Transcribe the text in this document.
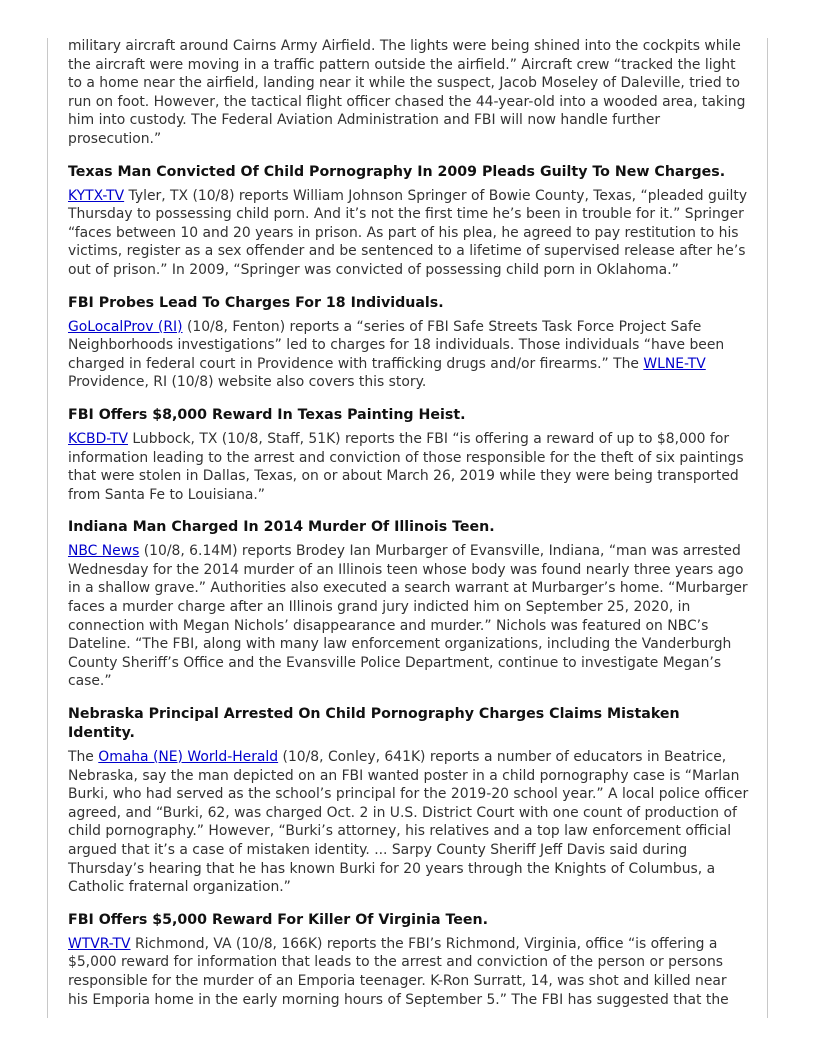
military aircraft around Cairns Army Airfield. The lights were being shined into the cockpits while the aircraft were moving in a traffic pattern outside the airfield.” Aircraft crew “tracked the light to a home near the airfield, landing near it while the suspect, Jacob Moseley of Daleville, tried to run on foot. However, the tactical flight officer chased the 44-year-old into a wooded area, taking him into custody. The Federal Aviation Administration and FBI will now handle further prosecution.”

Texas Man Convicted Of Child Pornography In 2009 Pleads Guilty To New Charges.

KYTX-TV Tyler, TX (10/8) reports William Johnson Springer of Bowie County, Texas, “pleaded guilty Thursday to possessing child porn. And it’s not the first time he’s been in trouble for it.” Springer “faces between 10 and 20 years in prison. As part of his plea, he agreed to pay restitution to his victims, register as a sex offender and be sentenced to a lifetime of supervised release after he’s out of prison.” In 2009, “Springer was convicted of possessing child porn in Oklahoma.”

FBI Probes Lead To Charges For 18 Individuals.

GoLocalProv (RI) (10/8, Fenton) reports a “series of FBI Safe Streets Task Force Project Safe Neighborhoods investigations” led to charges for 18 individuals. Those individuals “have been charged in federal court in Providence with trafficking drugs and/or firearms.” The WLNE-TV Providence, RI (10/8) website also covers this story.

FBI Offers $8,000 Reward In Texas Painting Heist.

KCBD-TV Lubbock, TX (10/8, Staff, 51K) reports the FBI “is offering a reward of up to $8,000 for information leading to the arrest and conviction of those responsible for the theft of six paintings that were stolen in Dallas, Texas, on or about March 26, 2019 while they were being transported from Santa Fe to Louisiana.”

Indiana Man Charged In 2014 Murder Of Illinois Teen.

NBC News (10/8, 6.14M) reports Brodey Ian Murbarger of Evansville, Indiana, “man was arrested Wednesday for the 2014 murder of an Illinois teen whose body was found nearly three years ago in a shallow grave.” Authorities also executed a search warrant at Murbarger’s home. “Murbarger faces a murder charge after an Illinois grand jury indicted him on September 25, 2020, in connection with Megan Nichols’ disappearance and murder.” Nichols was featured on NBC’s Dateline. “The FBI, along with many law enforcement organizations, including the Vanderburgh County Sheriff’s Office and the Evansville Police Department, continue to investigate Megan’s case.”

Nebraska Principal Arrested On Child Pornography Charges Claims Mistaken Identity.

The Omaha (NE) World-Herald (10/8, Conley, 641K) reports a number of educators in Beatrice, Nebraska, say the man depicted on an FBI wanted poster in a child pornography case is “Marlan Burki, who had served as the school’s principal for the 2019-20 school year.” A local police officer agreed, and “Burki, 62, was charged Oct. 2 in U.S. District Court with one count of production of child pornography.” However, “Burki’s attorney, his relatives and a top law enforcement official argued that it’s a case of mistaken identity. ... Sarpy County Sheriff Jeff Davis said during Thursday’s hearing that he has known Burki for 20 years through the Knights of Columbus, a Catholic fraternal organization.”

FBI Offers $5,000 Reward For Killer Of Virginia Teen.

WTVR-TV Richmond, VA (10/8, 166K) reports the FBI’s Richmond, Virginia, office “is offering a $5,000 reward for information that leads to the arrest and conviction of the person or persons responsible for the murder of an Emporia teenager. K-Ron Surratt, 14, was shot and killed near his Emporia home in the early morning hours of September 5.” The FBI has suggested that the
